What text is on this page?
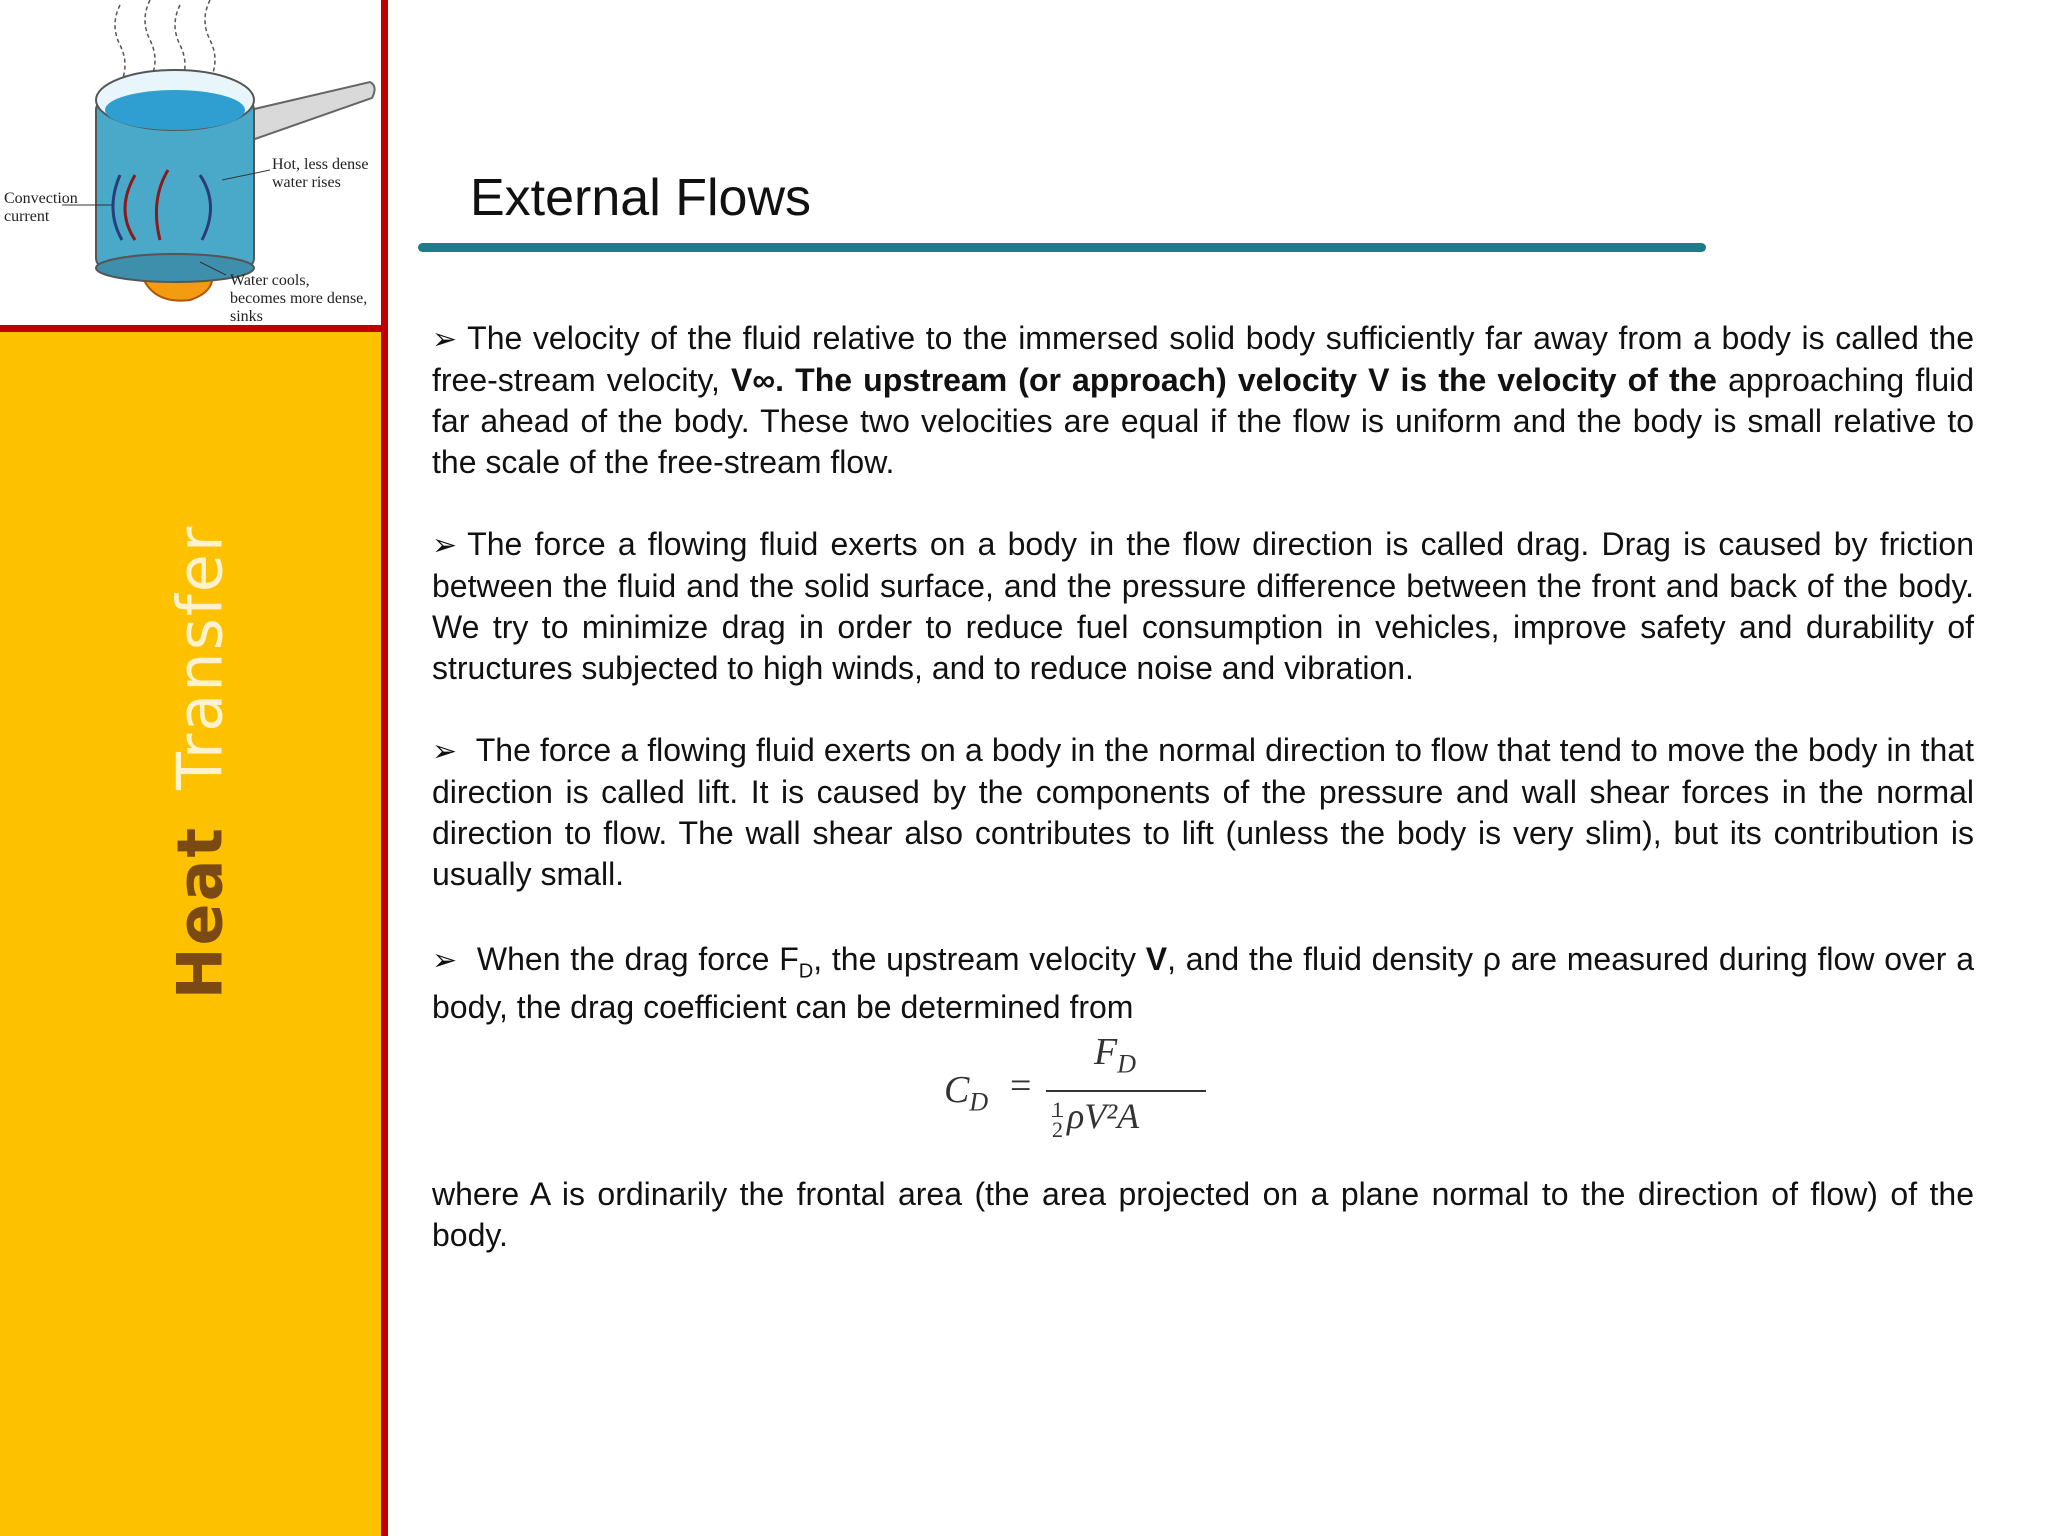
Convection
current
Hot, less dense
water rises
Water cools,
becomes more dense,
sinks
HeatTransfer
External Flows

➢ The velocity of the fluid relative to the immersed solid body sufficiently far away from a body is called the free-stream velocity, V∞. The upstream (or approach) velocity V is the velocity of the approaching fluid far ahead of the body. These two velocities are equal if the flow is uniform and the body is small relative to the scale of the free-stream flow.

➢ The force a flowing fluid exerts on a body in the flow direction is called drag. Drag is caused by friction between the fluid and the solid surface, and the pressure difference between the front and back of the body. We try to minimize drag in order to reduce fuel consumption in vehicles, improve safety and durability of structures subjected to high winds, and to reduce noise and vibration.

➢ The force a flowing fluid exerts on a body in the normal direction to flow that tend to move the body in that direction is called lift. It is caused by the components of the pressure and wall shear forces in the normal direction to flow. The wall shear also contributes to lift (unless the body is very slim), but its contribution is usually small.

➢ When the drag force $F_D$, the upstream velocity V, and the fluid density ρ are measured during flow over a body, the drag coefficient can be determined from

$C_D$ =
$F_D$
$\frac{1}{2} \rho V^2A$

where A is ordinarily the frontal area (the area projected on a plane normal to the direction of flow) of the body.
